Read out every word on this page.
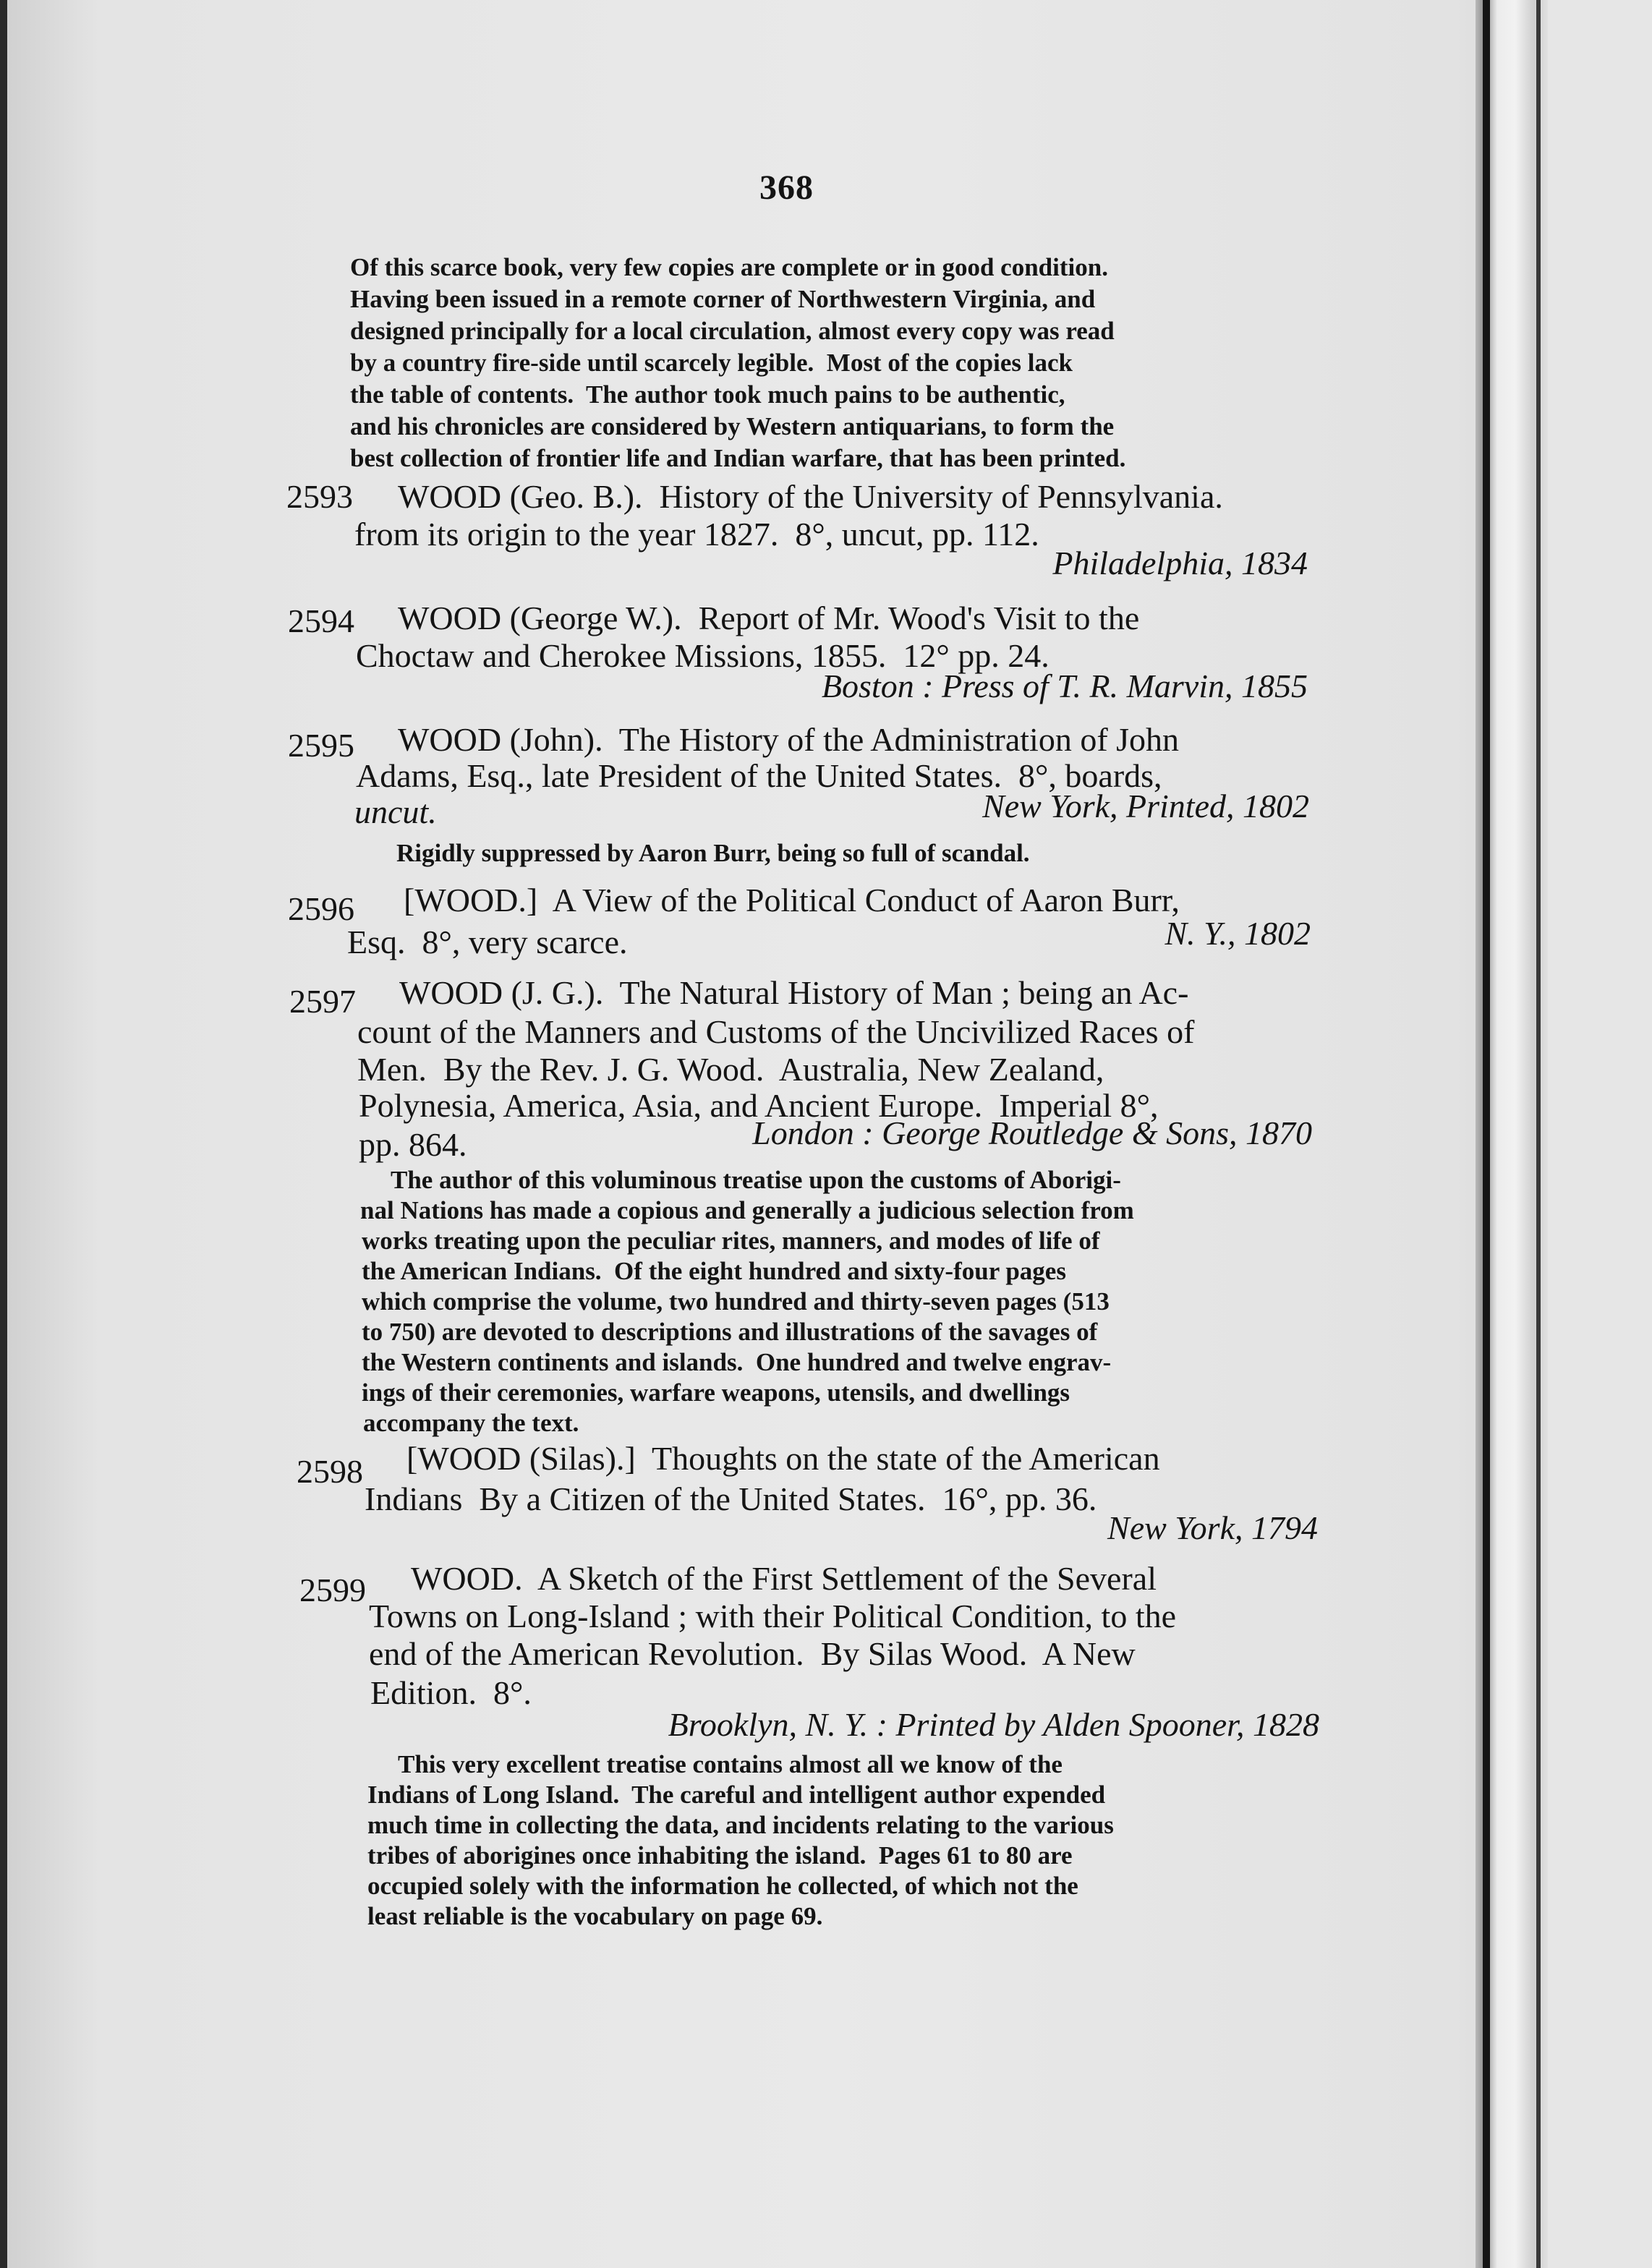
368
Of this scarce book, very few copies are complete or in good condition.
Having been issued in a remote corner of Northwestern Virginia, and
designed principally for a local circulation, almost every copy was read
by a country fire-side until scarcely legible.  Most of the copies lack
the table of contents.  The author took much pains to be authentic,
and his chronicles are considered by Western antiquarians, to form the
best collection of frontier life and Indian warfare, that has been printed.
2593 WOOD (Geo. B.).  History of the University of Pennsylvania.
from its origin to the year 1827.  8°, uncut, pp. 112.
Philadelphia, 1834
2594 WOOD (George W.).  Report of Mr. Wood's Visit to the
Choctaw and Cherokee Missions, 1855.  12° pp. 24.
Boston : Press of T. R. Marvin, 1855
2595 WOOD (John).  The History of the Administration of John
Adams, Esq., late President of the United States.  8°, boards,
uncut.	New York, Printed, 1802
Rigidly suppressed by Aaron Burr, being so full of scandal.
2596 [WOOD.]  A View of the Political Conduct of Aaron Burr,
Esq.  8°, very scarce.	N. Y., 1802
2597 WOOD (J. G.).  The Natural History of Man ; being an Ac-
count of the Manners and Customs of the Uncivilized Races of
Men.  By the Rev. J. G. Wood.  Australia, New Zealand,
Polynesia, America, Asia, and Ancient Europe.  Imperial 8°,
pp. 864.	London : George Routledge & Sons, 1870
The author of this voluminous treatise upon the customs of Aborigi-
nal Nations has made a copious and generally a judicious selection from
works treating upon the peculiar rites, manners, and modes of life of
the American Indians.  Of the eight hundred and sixty-four pages
which comprise the volume, two hundred and thirty-seven pages (513
to 750) are devoted to descriptions and illustrations of the savages of
the Western continents and islands.  One hundred and twelve engrav-
ings of their ceremonies, warfare weapons, utensils, and dwellings
accompany the text.
2598 [WOOD (Silas).]  Thoughts on the state of the American
Indians  By a Citizen of the United States.  16°, pp. 36.
New York, 1794
2599 WOOD.  A Sketch of the First Settlement of the Several
Towns on Long-Island ; with their Political Condition, to the
end of the American Revolution.  By Silas Wood.  A New
Edition.  8°.
Brooklyn, N. Y. : Printed by Alden Spooner, 1828
This very excellent treatise contains almost all we know of the
Indians of Long Island.  The careful and intelligent author expended
much time in collecting the data, and incidents relating to the various
tribes of aborigines once inhabiting the island.  Pages 61 to 80 are
occupied solely with the information he collected, of which not the
least reliable is the vocabulary on page 69.
